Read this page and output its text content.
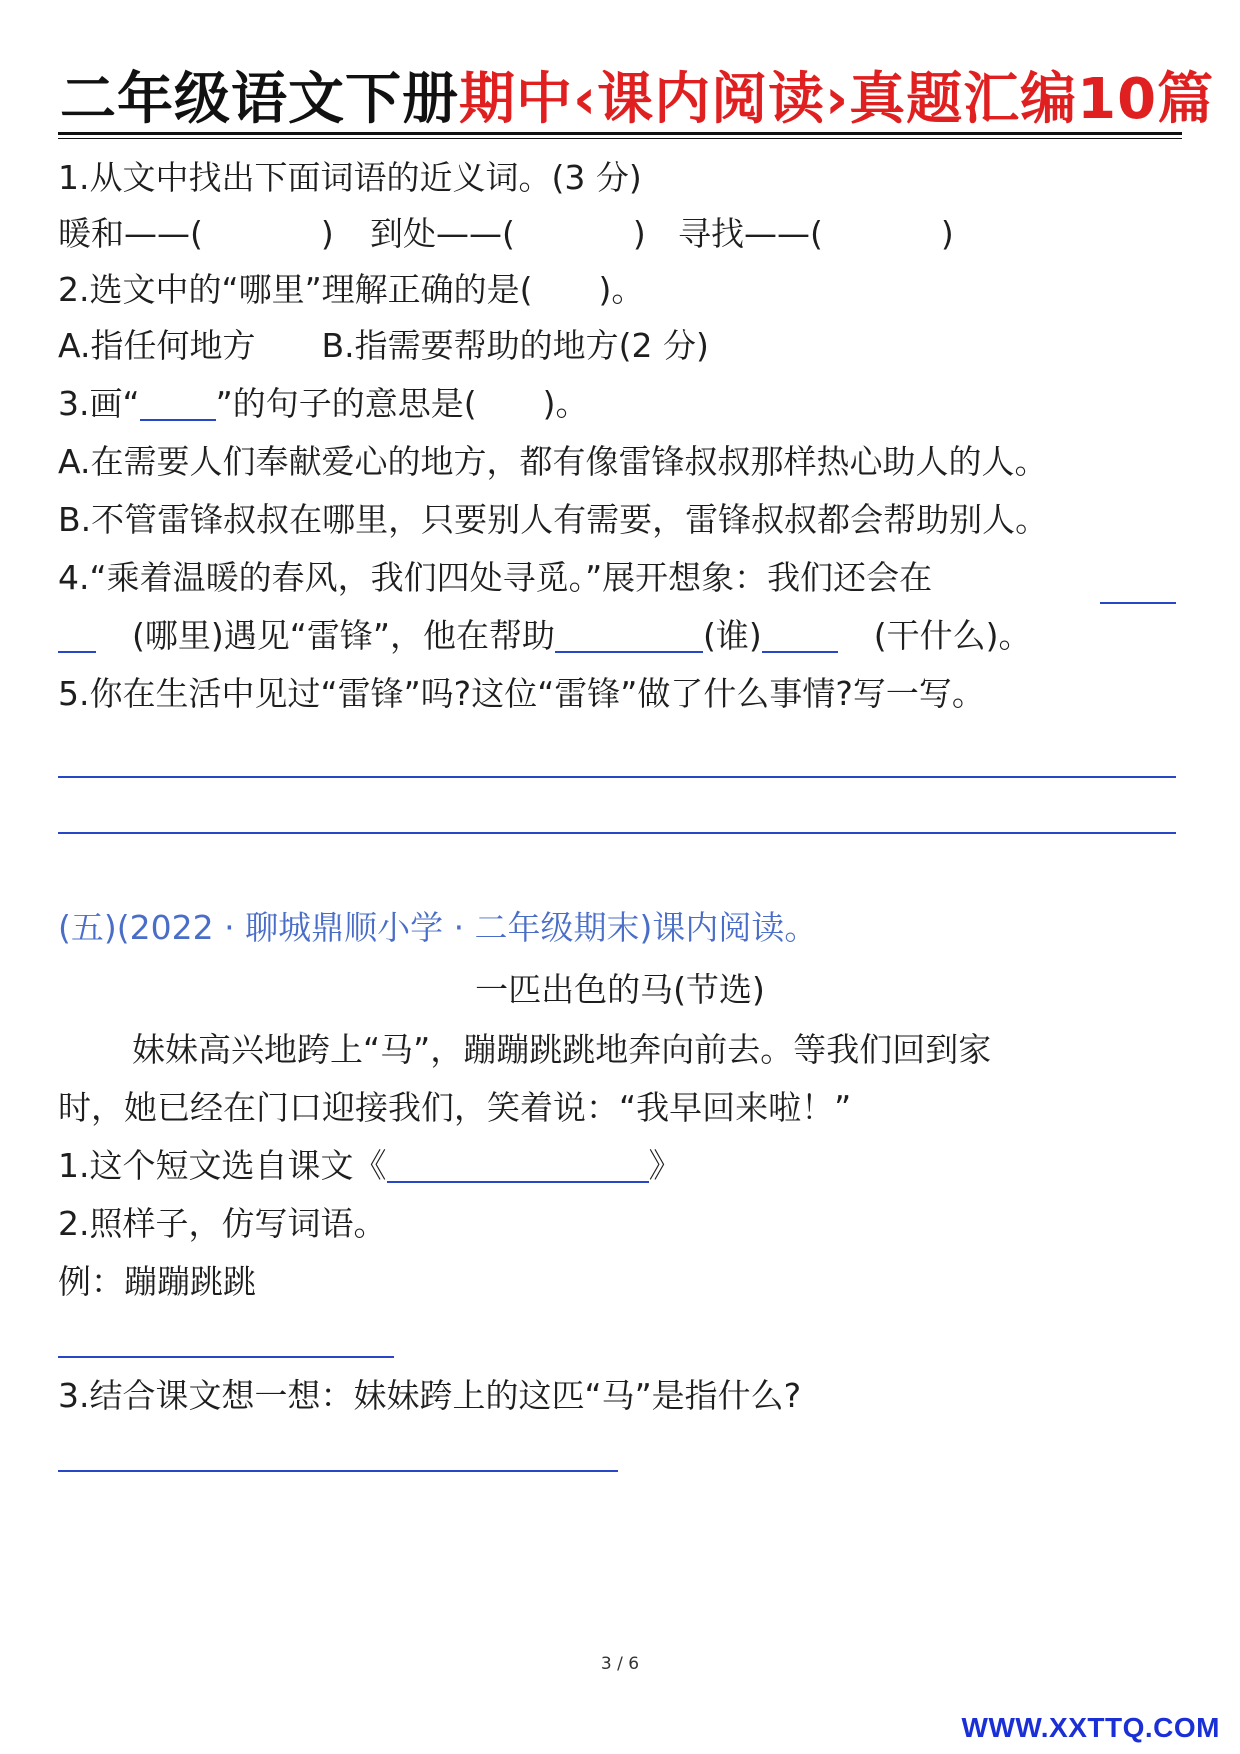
二年级语文下册期中‹课内阅读›真题汇编10篇
1.从文中找出下面词语的近义词。(3 分)
暖和——(	) 到处——(	) 寻找——(	)
2.选文中的“哪里”理解正确的是(　　)。
A.指任何地方　　B.指需要帮助的地方(2 分)
3.画“ ”的句子的意思是(　　)。
A.在需要人们奉献爱心的地方，都有像雷锋叔叔那样热心助人的人。
B.不管雷锋叔叔在哪里，只要别人有需要，雷锋叔叔都会帮助别人。
4.“乘着温暖的春风，我们四处寻觅。”展开想象：我们还会在
(哪里)遇见“雷锋”，他在帮助	(谁)	(干什么)。
5.你在生活中见过“雷锋”吗?这位“雷锋”做了什么事情?写一写。
(五)(2022 · 聊城鼎顺小学 · 二年级期末)课内阅读。
一匹出色的马(节选)
妹妹高兴地跨上“马”，蹦蹦跳跳地奔向前去。等我们回到家
时，她已经在门口迎接我们，笑着说：“我早回来啦！”
1.这个短文选自课文《	》
2.照样子，仿写词语。
例：蹦蹦跳跳
3.结合课文想一想：妹妹跨上的这匹“马”是指什么?
3 / 6
WWW.XXTTQ.COM
